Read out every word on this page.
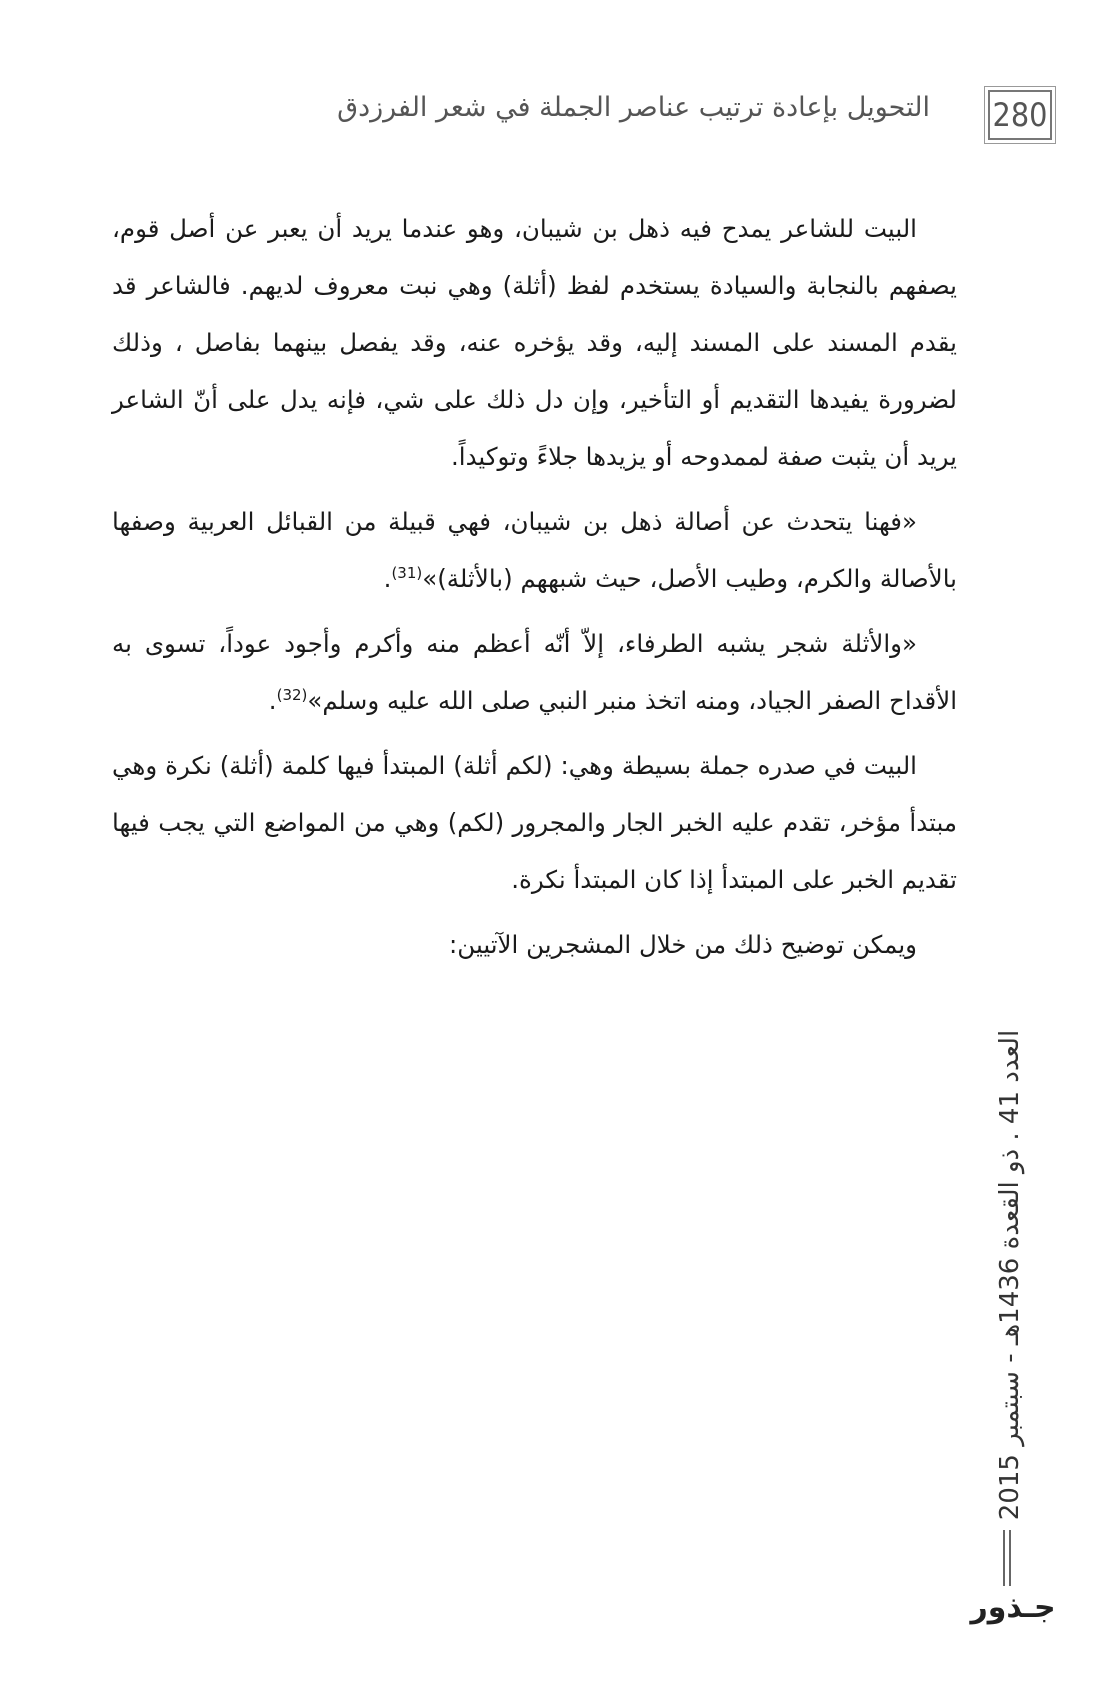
280
التحويل بإعادة ترتيب عناصر الجملة في شعر الفرزدق

البيت للشاعر يمدح فيه ذهل بن شيبان، وهو عندما يريد أن يعبر عن أصل قوم، يصفهم بالنجابة والسيادة يستخدم لفظ (أثلة) وهي نبت معروف لديهم. فالشاعر قد يقدم المسند على المسند إليه، وقد يؤخره عنه، وقد يفصل بينهما بفاصل ، وذلك لضرورة يفيدها التقديم أو التأخير، وإن دل ذلك على شي، فإنه يدل على أنّ الشاعر يريد أن يثبت صفة لممدوحه أو يزيدها جلاءً وتوكيداً.

«فهنا يتحدث عن أصالة ذهل بن شيبان، فهي قبيلة من القبائل العربية وصفها بالأصالة والكرم، وطيب الأصل، حيث شبههم (بالأثلة)»$^{(31)}$.

«والأثلة شجر يشبه الطرفاء، إلاّ أنّه أعظم منه وأكرم وأجود عوداً، تسوى به الأقداح الصفر الجياد، ومنه اتخذ منبر النبي صلى الله عليه وسلم»$^{(32)}$.

البيت في صدره جملة بسيطة وهي: (لكم أثلة) المبتدأ فيها كلمة (أثلة) نكرة وهي مبتدأ مؤخر، تقدم عليه الخبر الجار والمجرور (لكم) وهي من المواضع التي يجب فيها تقديم الخبر على المبتدأ إذا كان المبتدأ نكرة.

ويمكن توضيح ذلك من خلال المشجرين الآتيين:

العدد 41 . ذو القعدة 1436هـ - سبتمبر 2015
جـذور
